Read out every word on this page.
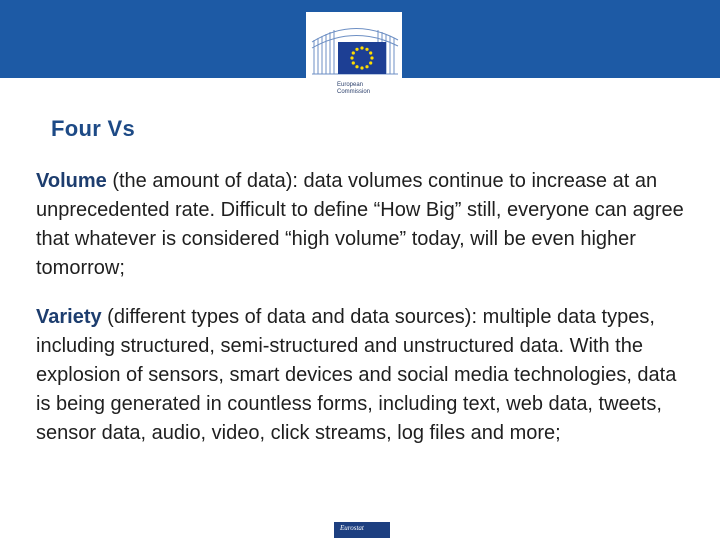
European
Commission
Four Vs
Volume (the amount of data): data volumes continue to increase at an unprecedented rate. Difficult to define “How Big” still, everyone can agree that whatever is considered “high volume” today, will be even higher tomorrow;
Variety (different types of data and data sources): multiple data types, including structured, semi-structured and unstructured data. With the explosion of sensors, smart devices and social media technologies, data is being generated in countless forms, including text, web data, tweets, sensor data, audio, video, click streams, log files and more;
Eurostat
